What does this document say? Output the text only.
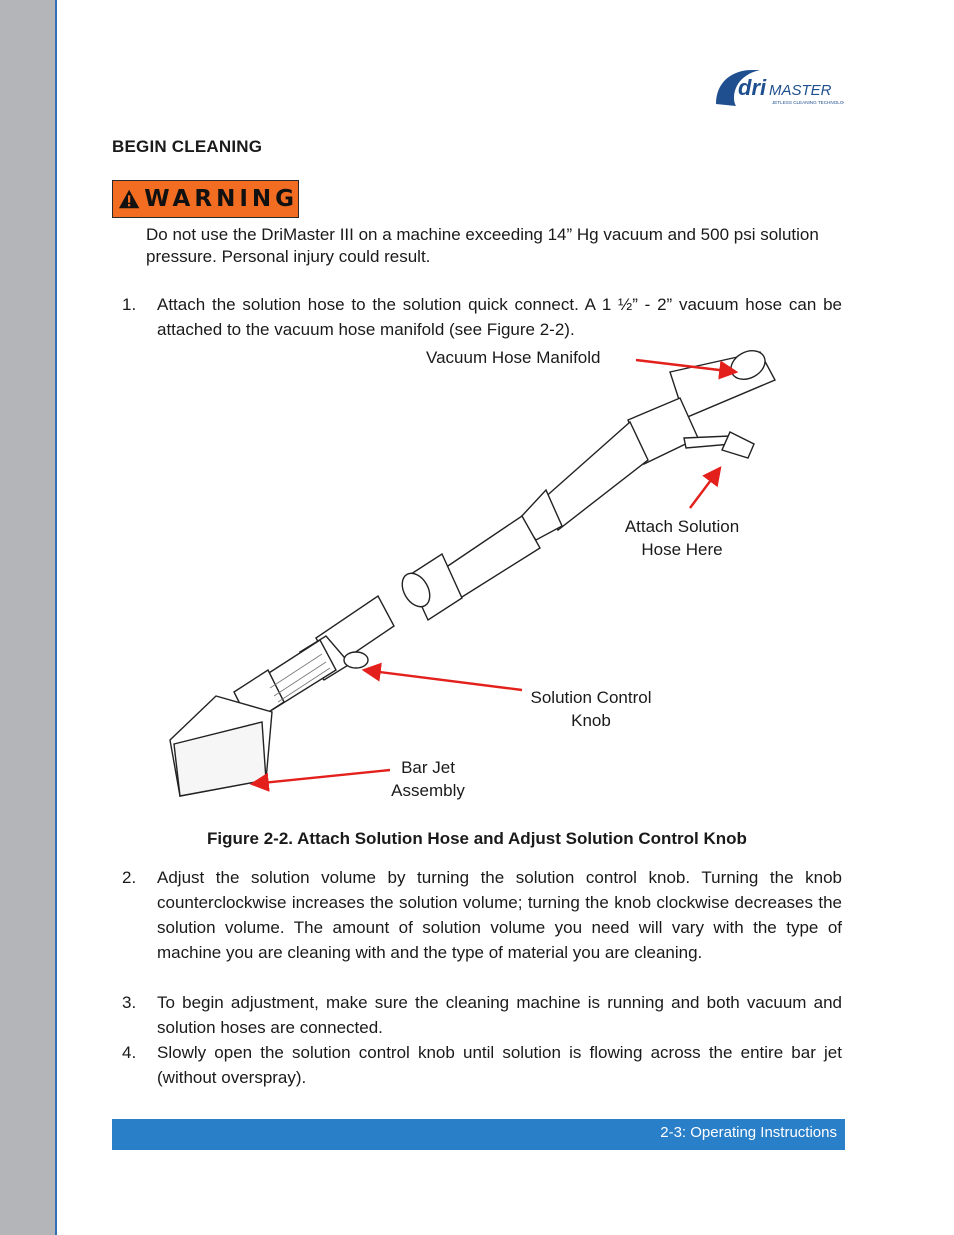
dri MASTER
JETLESS CLEANING TECHNOLOGY
BEGIN CLEANING
WARNING
Do not use the DriMaster III on a machine exceeding 14” Hg vacuum and 500 psi solution pressure. Personal injury could result.
1. Attach the solution hose to the solution quick connect. A 1 ½” - 2” vacuum hose can be attached to the vacuum hose manifold (see Figure 2-2).
Vacuum Hose Manifold
Attach Solution
Hose Here
Solution Control
Knob
Bar Jet
Assembly
Figure 2-2. Attach Solution Hose and Adjust Solution Control Knob
2. Adjust the solution volume by turning the solution control knob. Turning the knob counterclockwise increases the solution volume; turning the knob clockwise decreases the solution volume. The amount of solution volume you need will vary with the type of machine you are cleaning with and the type of material you are cleaning.
3. To begin adjustment, make sure the cleaning machine is running and both vacuum and solution hoses are connected.
4. Slowly open the solution control knob until solution is flowing across the entire bar jet (without overspray).
2-3: Operating Instructions
